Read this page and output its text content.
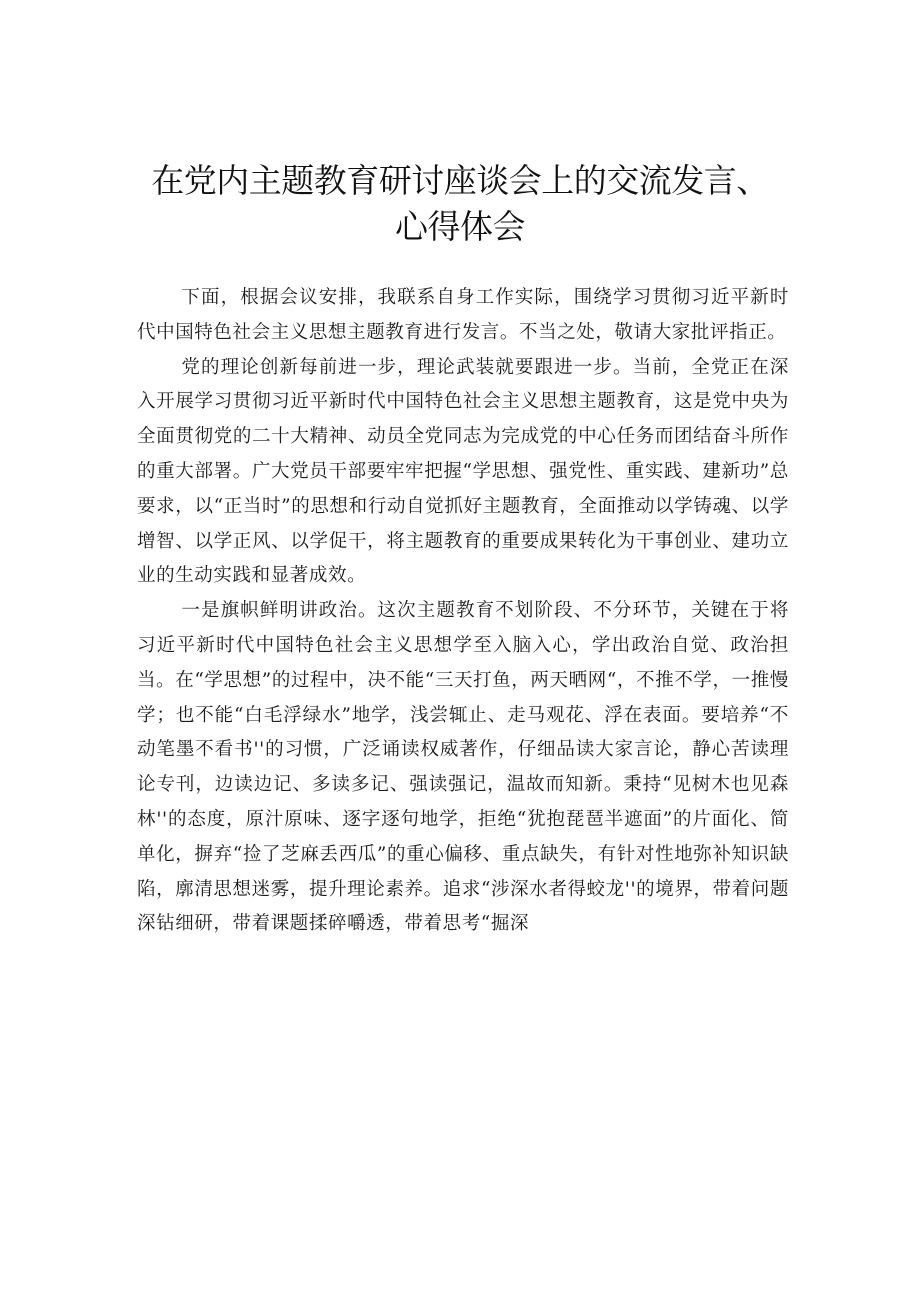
在党内主题教育研讨座谈会上的交流发言、心得体会

下面，根据会议安排，我联系自身工作实际，围绕学习贯彻习近平新时代中国特色社会主义思想主题教育进行发言。不当之处，敬请大家批评指正。

党的理论创新每前进一步，理论武装就要跟进一步。当前，全党正在深入开展学习贯彻习近平新时代中国特色社会主义思想主题教育，这是党中央为全面贯彻党的二十大精神、动员全党同志为完成党的中心任务而团结奋斗所作的重大部署。广大党员干部要牢牢把握“学思想、强党性、重实践、建新功”总要求，以“正当时”的思想和行动自觉抓好主题教育，全面推动以学铸魂、以学增智、以学正风、以学促干，将主题教育的重要成果转化为干事创业、建功立业的生动实践和显著成效。

一是旗帜鲜明讲政治。这次主题教育不划阶段、不分环节，关键在于将习近平新时代中国特色社会主义思想学至入脑入心，学出政治自觉、政治担当。在“学思想”的过程中，决不能“三天打鱼，两天晒网“，不推不学，一推慢学；也不能“白毛浮绿水”地学，浅尝辄止、走马观花、浮在表面。要培养“不动笔墨不看书''的习惯，广泛诵读权威著作，仔细品读大家言论，静心苦读理论专刊，边读边记、多读多记、强读强记，温故而知新。秉持“见树木也见森林''的态度，原汁原味、逐字逐句地学，拒绝“犹抱琵琶半遮面”的片面化、简单化，摒弃“捡了芝麻丢西瓜”的重心偏移、重点缺失，有针对性地弥补知识缺陷，廓清思想迷雾，提升理论素养。追求“涉深水者得蛟龙''的境界，带着问题深钻细研，带着课题揉碎嚼透，带着思考“掘深
